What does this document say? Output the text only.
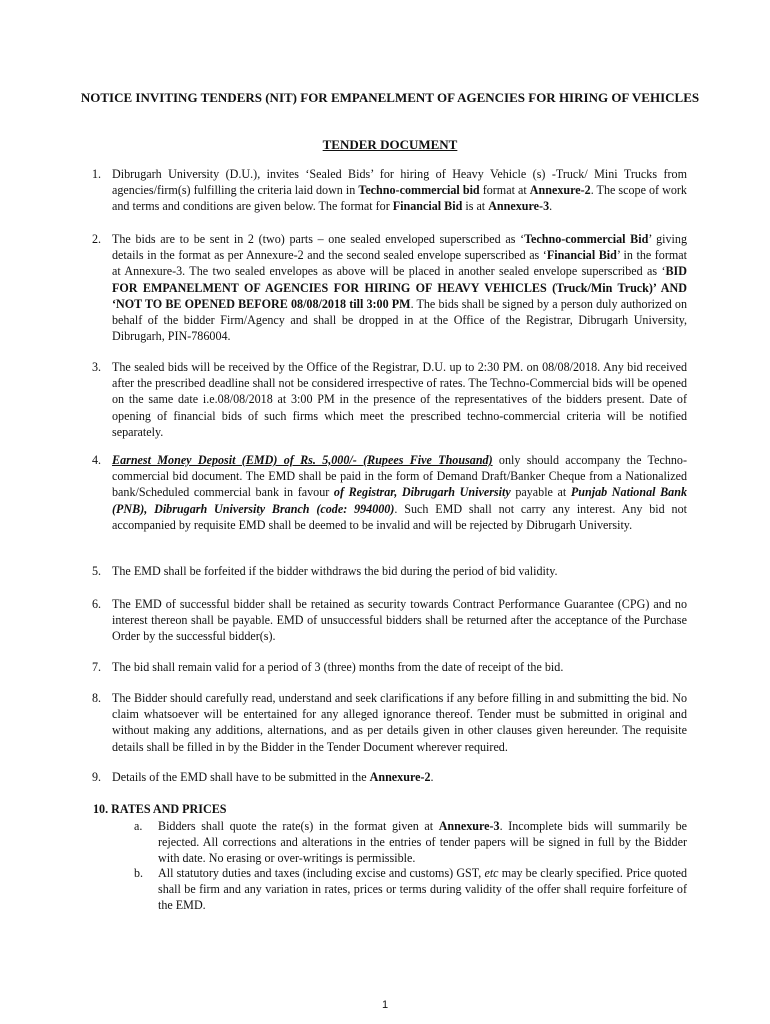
NOTICE INVITING TENDERS (NIT) FOR EMPANELMENT OF AGENCIES FOR HIRING OF VEHICLES
TENDER DOCUMENT
1. Dibrugarh University (D.U.), invites ‘Sealed Bids’ for hiring of Heavy Vehicle (s) -Truck/ Mini Trucks from agencies/firm(s) fulfilling the criteria laid down in Techno-commercial bid format at Annexure-2. The scope of work and terms and conditions are given below. The format for Financial Bid is at Annexure-3.
2. The bids are to be sent in 2 (two) parts – one sealed enveloped superscribed as ‘Techno-commercial Bid’ giving details in the format as per Annexure-2 and the second sealed envelope superscribed as ‘Financial Bid’ in the format at Annexure-3. The two sealed envelopes as above will be placed in another sealed envelope superscribed as ‘BID FOR EMPANELMENT OF AGENCIES FOR HIRING OF HEAVY VEHICLES (Truck/Min Truck)’ AND ‘NOT TO BE OPENED BEFORE 08/08/2018 till 3:00 PM. The bids shall be signed by a person duly authorized on behalf of the bidder Firm/Agency and shall be dropped in at the Office of the Registrar, Dibrugarh University, Dibrugarh, PIN-786004.
3. The sealed bids will be received by the Office of the Registrar, D.U. up to 2:30 PM. on 08/08/2018. Any bid received after the prescribed deadline shall not be considered irrespective of rates. The Techno-Commercial bids will be opened on the same date i.e.08/08/2018 at 3:00 PM in the presence of the representatives of the bidders present. Date of opening of financial bids of such firms which meet the prescribed techno-commercial criteria will be notified separately.
4. Earnest Money Deposit (EMD) of Rs. 5,000/- (Rupees Five Thousand) only should accompany the Techno-commercial bid document. The EMD shall be paid in the form of Demand Draft/Banker Cheque from a Nationalized bank/Scheduled commercial bank in favour of Registrar, Dibrugarh University payable at Punjab National Bank (PNB), Dibrugarh University Branch (code: 994000). Such EMD shall not carry any interest. Any bid not accompanied by requisite EMD shall be deemed to be invalid and will be rejected by Dibrugarh University.
5. The EMD shall be forfeited if the bidder withdraws the bid during the period of bid validity.
6. The EMD of successful bidder shall be retained as security towards Contract Performance Guarantee (CPG) and no interest thereon shall be payable. EMD of unsuccessful bidders shall be returned after the acceptance of the Purchase Order by the successful bidder(s).
7. The bid shall remain valid for a period of 3 (three) months from the date of receipt of the bid.
8. The Bidder should carefully read, understand and seek clarifications if any before filling in and submitting the bid. No claim whatsoever will be entertained for any alleged ignorance thereof. Tender must be submitted in original and without making any additions, alternations, and as per details given in other clauses given hereunder. The requisite details shall be filled in by the Bidder in the Tender Document wherever required.
9. Details of the EMD shall have to be submitted in the Annexure-2.
10. RATES AND PRICES
a. Bidders shall quote the rate(s) in the format given at Annexure-3. Incomplete bids will summarily be rejected. All corrections and alterations in the entries of tender papers will be signed in full by the Bidder with date. No erasing or over-writings is permissible.
b. All statutory duties and taxes (including excise and customs) GST, etc may be clearly specified. Price quoted shall be firm and any variation in rates, prices or terms during validity of the offer shall require forfeiture of the EMD.
1
